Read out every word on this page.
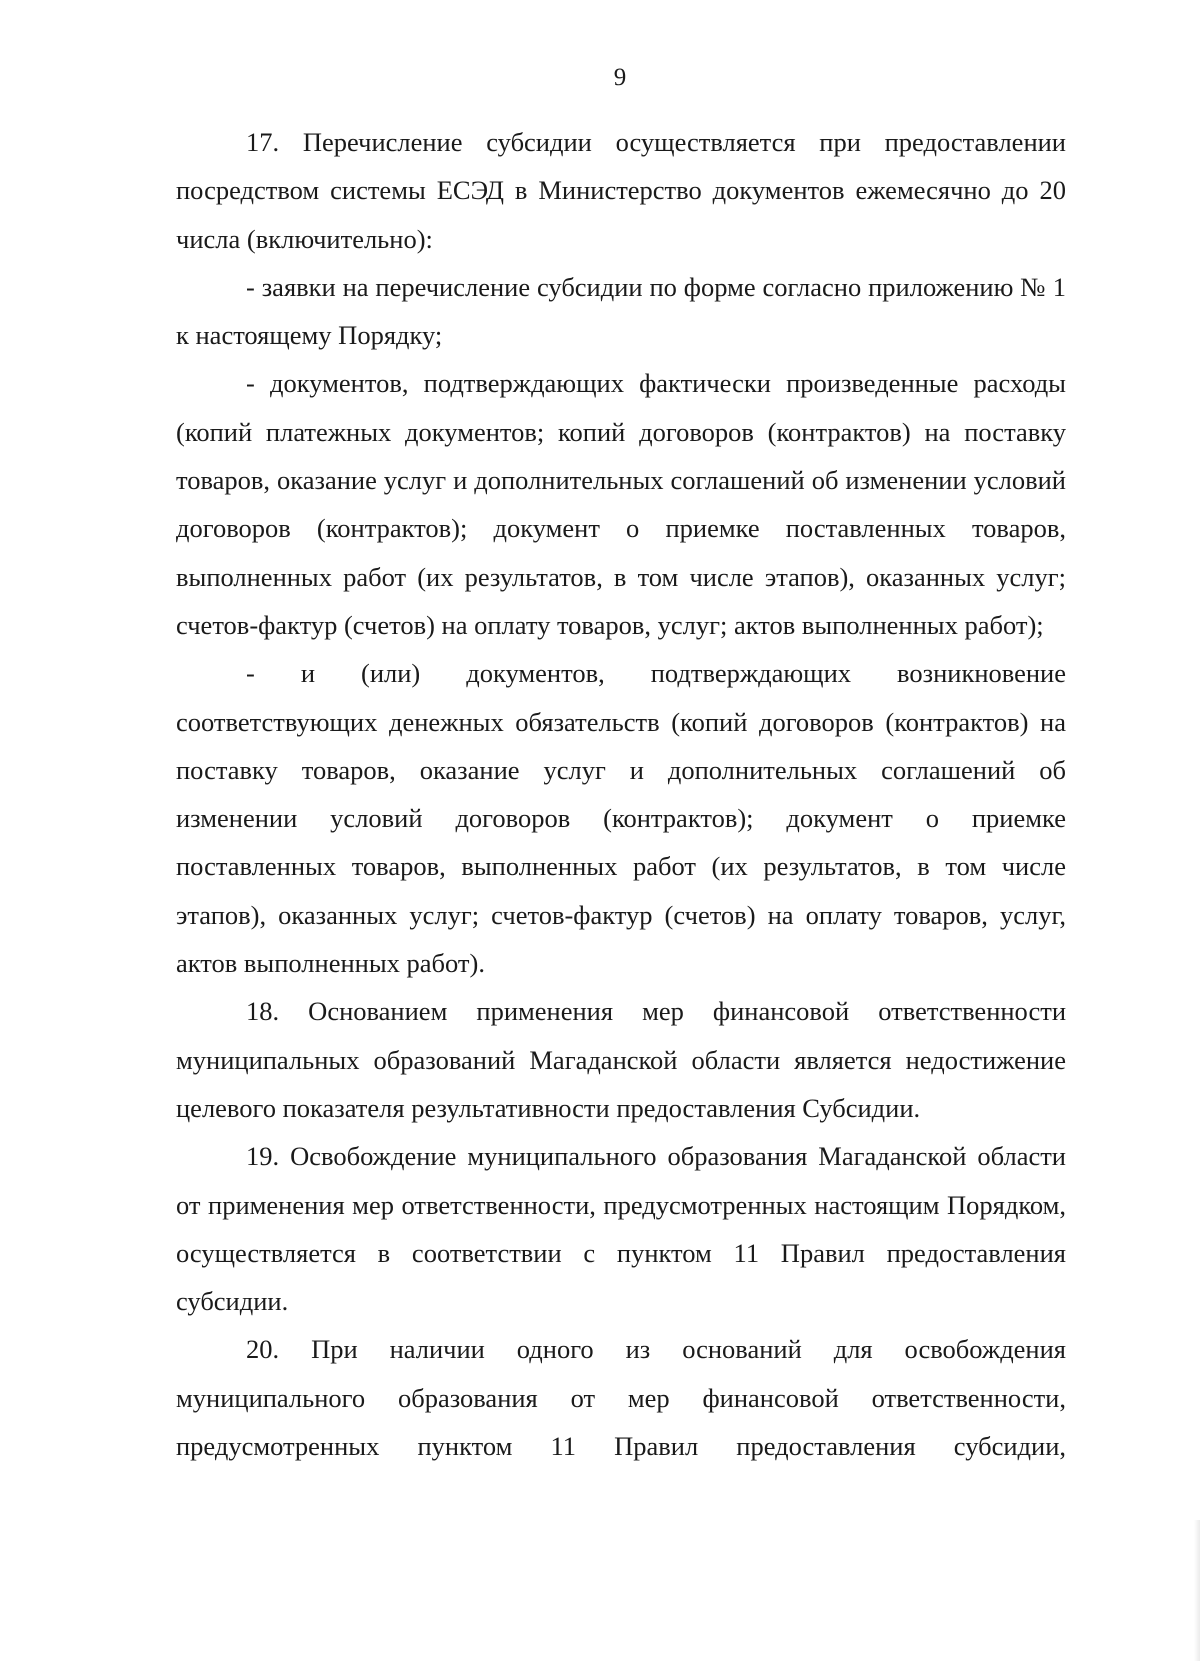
9

17. Перечисление субсидии осуществляется при предоставлении посредством системы ЕСЭД в Министерство документов ежемесячно до 20 числа (включительно):

- заявки на перечисление субсидии по форме согласно приложению № 1 к настоящему Порядку;

- документов, подтверждающих фактически произведенные расходы (копий платежных документов; копий договоров (контрактов) на поставку товаров, оказание услуг и дополнительных соглашений об изменении условий договоров (контрактов); документ о приемке поставленных товаров, выполненных работ (их результатов, в том числе этапов), оказанных услуг; счетов-фактур (счетов) на оплату товаров, услуг; актов выполненных работ);

- и (или) документов, подтверждающих возникновение соответствующих денежных обязательств (копий договоров (контрактов) на поставку товаров, оказание услуг и дополнительных соглашений об изменении условий договоров (контрактов); документ о приемке поставленных товаров, выполненных работ (их результатов, в том числе этапов), оказанных услуг; счетов-фактур (счетов) на оплату товаров, услуг, актов выполненных работ).

18. Основанием применения мер финансовой ответственности муниципальных образований Магаданской области является недостижение целевого показателя результативности предоставления Субсидии.

19. Освобождение муниципального образования Магаданской области от применения мер ответственности, предусмотренных настоящим Порядком, осуществляется в соответствии с пунктом 11 Правил предоставления субсидии.

20. При наличии одного из оснований для освобождения муниципального образования от мер финансовой ответственности, предусмотренных пунктом 11 Правил предоставления субсидии,
